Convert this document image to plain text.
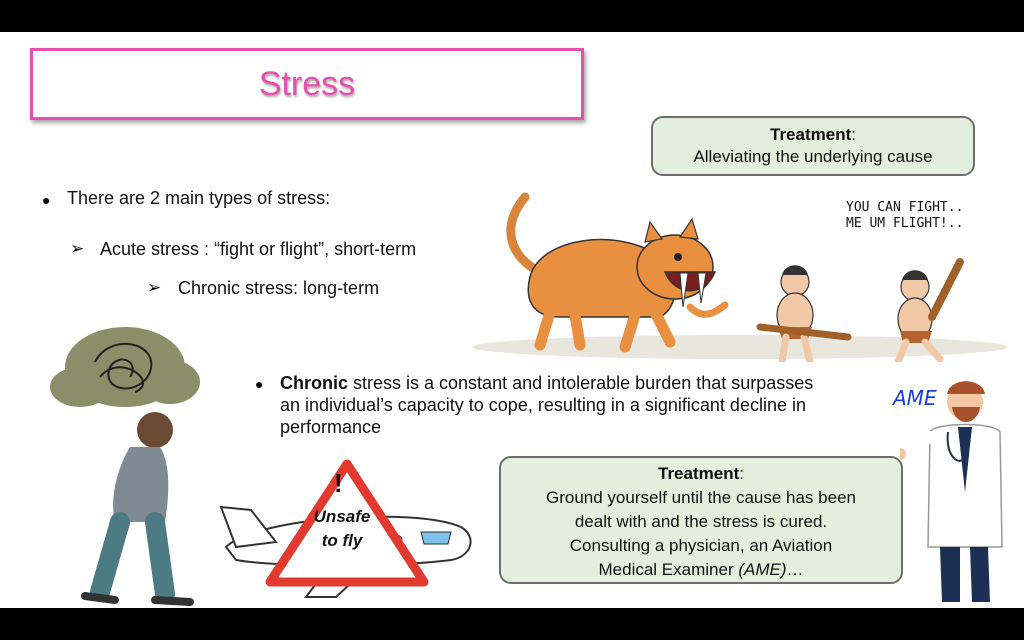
Stress
Treatment:
Alleviating the underlying cause
● There are 2 main types of stress:
➢ Acute stress : “fight or flight”, short-term
➢ Chronic stress: long-term
● Chronic stress is a constant and intolerable burden that surpasses
an individual’s capacity to cope, resulting in a significant decline in
performance
Treatment:
Ground yourself until the cause has been
dealt with and the stress is cured.
Consulting a physician, an Aviation
Medical Examiner (AME)…
YOU CAN FIGHT..
ME UM FLIGHT!..
!
Unsafe
to fly
AME
